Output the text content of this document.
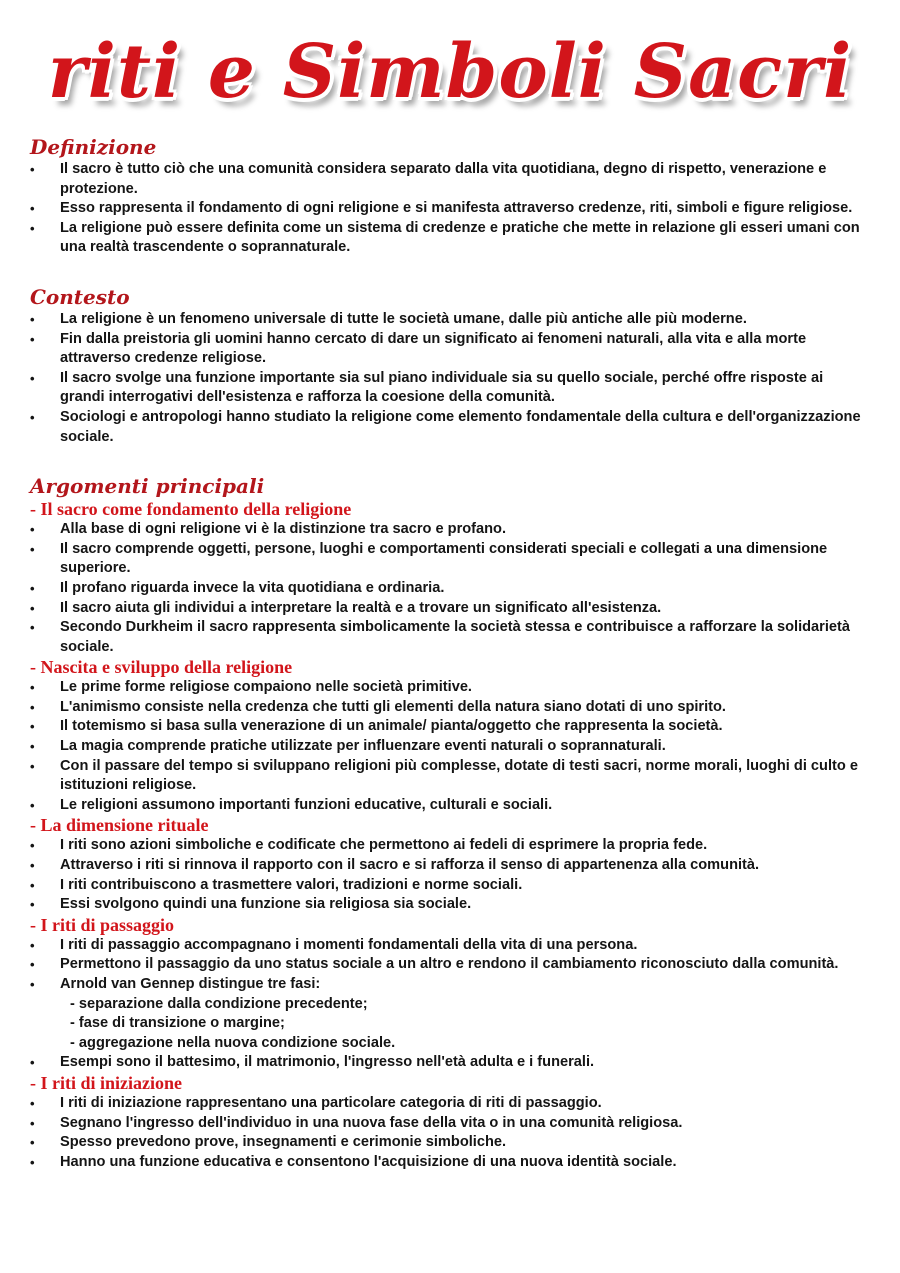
riti e Simboli Sacri
Definizione
• Il sacro è tutto ciò che una comunità considera separato dalla vita quotidiana, degno di rispetto, venerazione e protezione.
• Esso rappresenta il fondamento di ogni religione e si manifesta attraverso credenze, riti, simboli e figure religiose.
• La religione può essere definita come un sistema di credenze e pratiche che mette in relazione gli esseri umani con una realtà trascendente o soprannaturale.
Contesto
• La religione è un fenomeno universale di tutte le società umane, dalle più antiche alle più moderne.
• Fin dalla preistoria gli uomini hanno cercato di dare un significato ai fenomeni naturali, alla vita e alla morte attraverso credenze religiose.
• Il sacro svolge una funzione importante sia sul piano individuale sia su quello sociale, perché offre risposte ai grandi interrogativi dell'esistenza e rafforza la coesione della comunità.
• Sociologi e antropologi hanno studiato la religione come elemento fondamentale della cultura e dell'organizzazione sociale.
Argomenti principali
- Il sacro come fondamento della religione
• Alla base di ogni religione vi è la distinzione tra sacro e profano.
• Il sacro comprende oggetti, persone, luoghi e comportamenti considerati speciali e collegati a una dimensione superiore.
• Il profano riguarda invece la vita quotidiana e ordinaria.
• Il sacro aiuta gli individui a interpretare la realtà e a trovare un significato all'esistenza.
• Secondo Durkheim il sacro rappresenta simbolicamente la società stessa e contribuisce a rafforzare la solidarietà sociale.
- Nascita e sviluppo della religione
• Le prime forme religiose compaiono nelle società primitive.
• L'animismo consiste nella credenza che tutti gli elementi della natura siano dotati di uno spirito.
• Il totemismo si basa sulla venerazione di un animale/ pianta/oggetto che rappresenta la società.
• La magia comprende pratiche utilizzate per influenzare eventi naturali o soprannaturali.
• Con il passare del tempo si sviluppano religioni più complesse, dotate di testi sacri, norme morali, luoghi di culto e istituzioni religiose.
• Le religioni assumono importanti funzioni educative, culturali e sociali.
- La dimensione rituale
• I riti sono azioni simboliche e codificate che permettono ai fedeli di esprimere la propria fede.
• Attraverso i riti si rinnova il rapporto con il sacro e si rafforza il senso di appartenenza alla comunità.
• I riti contribuiscono a trasmettere valori, tradizioni e norme sociali.
• Essi svolgono quindi una funzione sia religiosa sia sociale.
- I riti di passaggio
• I riti di passaggio accompagnano i momenti fondamentali della vita di una persona.
• Permettono il passaggio da uno status sociale a un altro e rendono il cambiamento riconosciuto dalla comunità.
• Arnold van Gennep distingue tre fasi:
- separazione dalla condizione precedente;
- fase di transizione o margine;
- aggregazione nella nuova condizione sociale.
• Esempi sono il battesimo, il matrimonio, l'ingresso nell'età adulta e i funerali.
- I riti di iniziazione
• I riti di iniziazione rappresentano una particolare categoria di riti di passaggio.
• Segnano l'ingresso dell'individuo in una nuova fase della vita o in una comunità religiosa.
• Spesso prevedono prove, insegnamenti e cerimonie simboliche.
• Hanno una funzione educativa e consentono l'acquisizione di una nuova identità sociale.
